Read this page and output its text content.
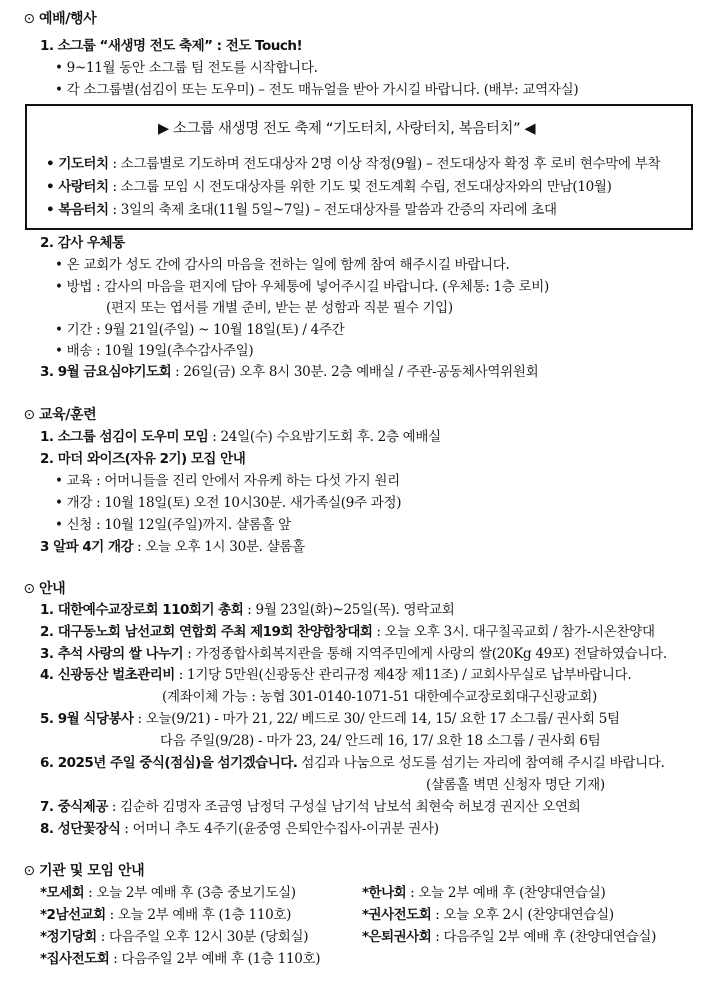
⊙ 예배/행사
1. 소그룹 “새생명 전도 축제” : 전도 Touch!
• 9~11월 동안 소그룹 팀 전도를 시작합니다.
• 각 소그룹별(섬김이 또는 도우미) – 전도 매뉴얼을 받아 가시길 바랍니다. (배부: 교역자실)
▶ 소그룹 새생명 전도 축제 “기도터치, 사랑터치, 복음터치” ◀
• 기도터치 : 소그룹별로 기도하며 전도대상자 2명 이상 작정(9월) – 전도대상자 확정 후 로비 현수막에 부착
• 사랑터치 : 소그룹 모임 시 전도대상자를 위한 기도 및 전도계획 수립, 전도대상자와의 만남(10월)
• 복음터치 : 3일의 축제 초대(11월 5일~7일) – 전도대상자를 말씀과 간증의 자리에 초대
2. 감사 우체통
• 온 교회가 성도 간에 감사의 마음을 전하는 일에 함께 참여 해주시길 바랍니다.
• 방법 : 감사의 마음을 편지에 담아 우체통에 넣어주시길 바랍니다. (우체통: 1층 로비)
(편지 또는 엽서를 개별 준비, 받는 분 성함과 직분 필수 기입)
• 기간 : 9월 21일(주일) ~ 10월 18일(토) / 4주간
• 배송 : 10월 19일(추수감사주일)
3. 9월 금요심야기도회 : 26일(금) 오후 8시 30분. 2층 예배실 / 주관-공동체사역위원회
⊙ 교육/훈련
1. 소그룹 섬김이 도우미 모임 : 24일(수) 수요밤기도회 후. 2층 예배실
2. 마더 와이즈(자유 2기) 모집 안내
• 교육 : 어머니들을 진리 안에서 자유케 하는 다섯 가지 원리
• 개강 : 10월 18일(토) 오전 10시30분. 새가족실(9주 과정)
• 신청 : 10월 12일(주일)까지. 샬롬홀 앞
3 알파 4기 개강 : 오늘 오후 1시 30분. 샬롬홀
⊙ 안내
1. 대한예수교장로회 110회기 총회 : 9월 23일(화)~25일(목). 영락교회
2. 대구동노회 남선교회 연합회 주최 제19회 찬양합창대회 : 오늘 오후 3시. 대구칠곡교회 / 참가-시온찬양대
3. 추석 사랑의 쌀 나누기 : 가정종합사회복지관을 통해 지역주민에게 사랑의 쌀(20Kg 49포) 전달하였습니다.
4. 신광동산 벌초관리비 : 1기당 5만원(신광동산 관리규정 제4장 제11조) / 교회사무실로 납부바랍니다.
(계좌이체 가능 : 농협 301-0140-1071-51 대한예수교장로회대구신광교회)
5. 9월 식당봉사 : 오늘(9/21) - 마가 21, 22/ 베드로 30/ 안드레 14, 15/ 요한 17 소그룹/ 권사회 5팀
다음 주일(9/28) - 마가 23, 24/ 안드레 16, 17/ 요한 18 소그룹 / 권사회 6팀
6. 2025년 주일 중식(점심)을 섬기겠습니다. 섬김과 나눔으로 성도를 섬기는 자리에 참여해 주시길 바랍니다.
(샬롬홀 벽면 신청자 명단 기재)
7. 중식제공 : 김순하 김명자 조금영 남정덕 구성실 남기석 남보석 최현숙 허보경 권지산 오연희
8. 성단꽃장식 : 어머니 추도 4주기(윤중영 은퇴안수집사-이귀분 권사)
⊙ 기관 및 모임 안내
*모세회 : 오늘 2부 예배 후 (3층 중보기도실)
*2남선교회 : 오늘 2부 예배 후 (1층 110호)
*정기당회 : 다음주일 오후 12시 30분 (당회실)
*집사전도회 : 다음주일 2부 예배 후 (1층 110호)
*한나회 : 오늘 2부 예배 후 (찬양대연습실)
*권사전도회 : 오늘 오후 2시 (찬양대연습실)
*은퇴권사회 : 다음주일 2부 예배 후 (찬양대연습실)
